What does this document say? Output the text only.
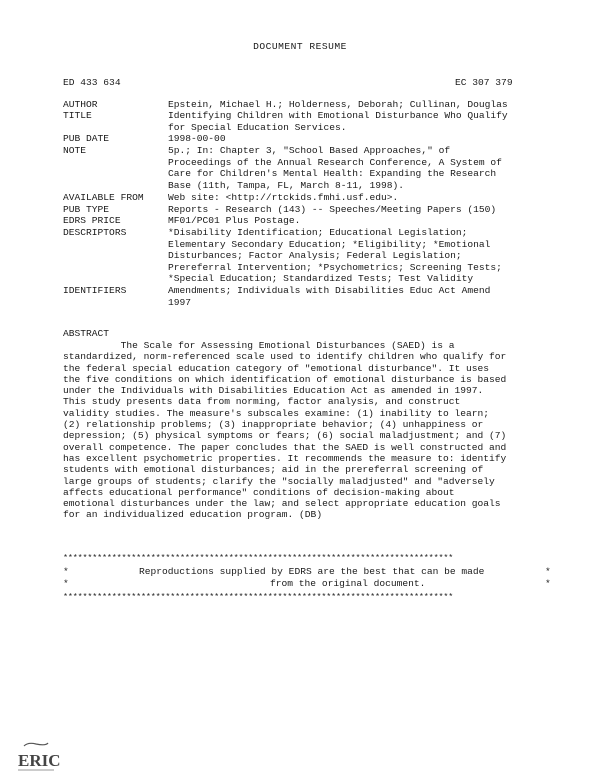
DOCUMENT RESUME
ED 433 634	EC 307 379
AUTHOR	Epstein, Michael H.; Holderness, Deborah; Cullinan, Douglas
TITLE	Identifying Children with Emotional Disturbance Who Qualify
for Special Education Services.
PUB DATE	1998-00-00
NOTE	5p.; In: Chapter 3, "School Based Approaches," of
Proceedings of the Annual Research Conference, A System of
Care for Children's Mental Health: Expanding the Research
Base (11th, Tampa, FL, March 8-11, 1998).
AVAILABLE FROM	Web site: <http://rtckids.fmhi.usf.edu>.
PUB TYPE	Reports - Research (143) -- Speeches/Meeting Papers (150)
EDRS PRICE	MF01/PC01 Plus Postage.
DESCRIPTORS	*Disability Identification; Educational Legislation;
Elementary Secondary Education; *Eligibility; *Emotional
Disturbances; Factor Analysis; Federal Legislation;
Prereferral Intervention; *Psychometrics; Screening Tests;
*Special Education; Standardized Tests; Test Validity
IDENTIFIERS	Amendments; Individuals with Disabilities Educ Act Amend
1997
ABSTRACT
The Scale for Assessing Emotional Disturbances (SAED) is a
standardized, norm-referenced scale used to identify children who qualify for
the federal special education category of "emotional disturbance". It uses
the five conditions on which identification of emotional disturbance is based
under the Individuals with Disabilities Education Act as amended in 1997.
This study presents data from norming, factor analysis, and construct
validity studies. The measure's subscales examine: (1) inability to learn;
(2) relationship problems; (3) inappropriate behavior; (4) unhappiness or
depression; (5) physical symptoms or fears; (6) social maladjustment; and (7)
overall competence. The paper concludes that the SAED is well constructed and
has excellent psychometric properties. It recommends the measure to: identify
students with emotional disturbances; aid in the prereferral screening of
large groups of students; clarify the "socially maladjusted" and "adversely
affects educational performance" conditions of decision-making about
emotional disturbances under the law; and select appropriate education goals
for an individualized education program. (DB)
********************************************************************************
*	Reproductions supplied by EDRS are the best that can be made	*
*	from the original document.	*
********************************************************************************
ERIC
